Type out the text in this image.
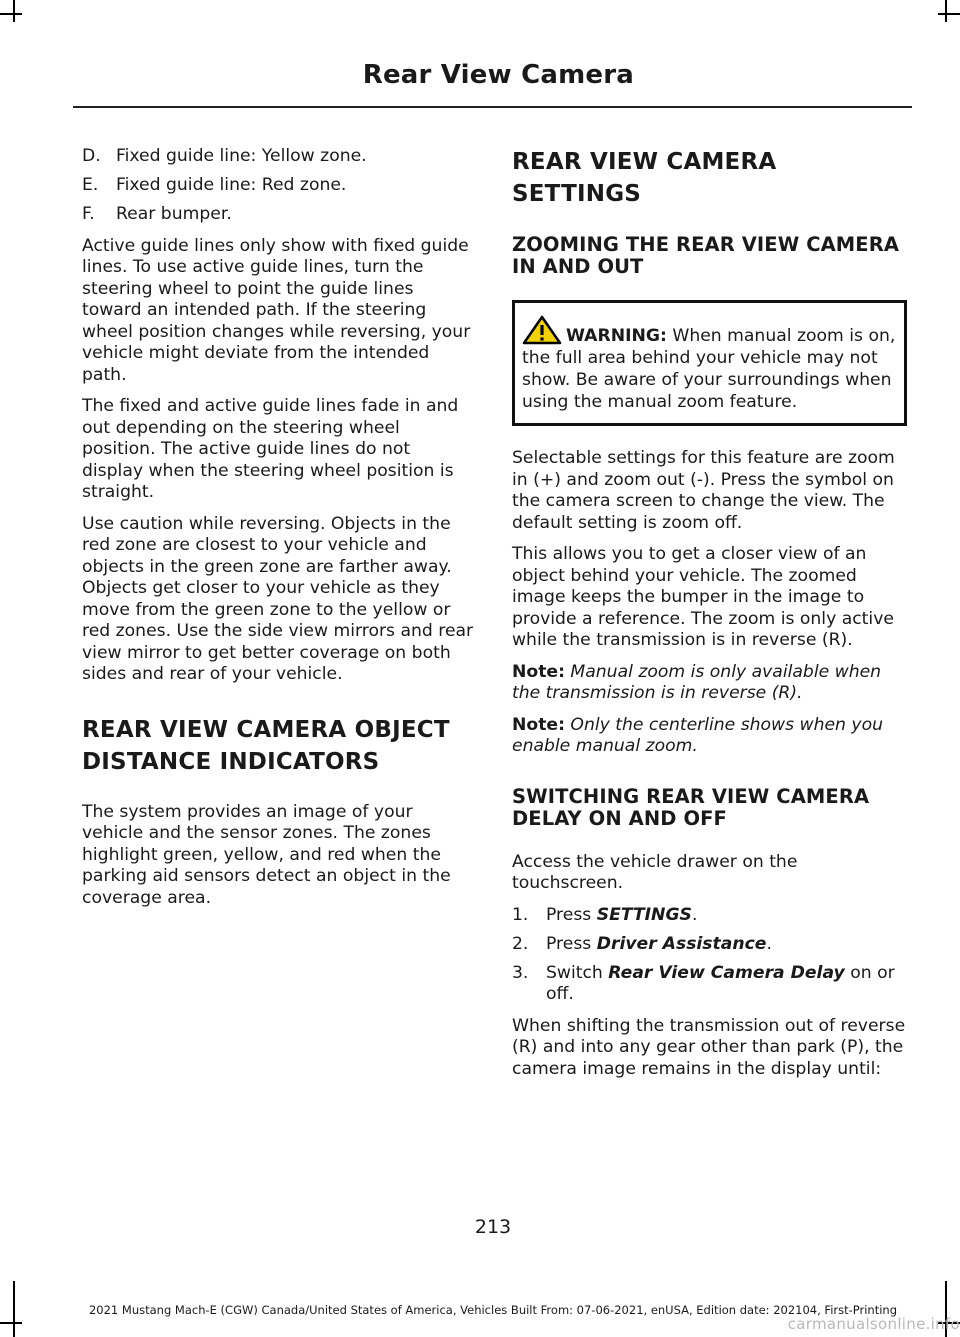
Rear View Camera
D. Fixed guide line: Yellow zone.
E.	Fixed guide line: Red zone.
F.	Rear bumper.

Active guide lines only show with fixed guide lines. To use active guide lines, turn the steering wheel to point the guide lines toward an intended path. If the steering wheel position changes while reversing, your vehicle might deviate from the intended path.

The fixed and active guide lines fade in and out depending on the steering wheel position. The active guide lines do not display when the steering wheel position is straight.

Use caution while reversing. Objects in the red zone are closest to your vehicle and objects in the green zone are farther away. Objects get closer to your vehicle as they move from the green zone to the yellow or red zones. Use the side view mirrors and rear view mirror to get better coverage on both sides and rear of your vehicle.

REAR VIEW CAMERA OBJECT
DISTANCE INDICATORS

The system provides an image of your vehicle and the sensor zones. The zones highlight green, yellow, and red when the parking aid sensors detect an object in the coverage area.

REAR VIEW CAMERA
SETTINGS
ZOOMING THE REAR VIEW CAMERA IN AND OUT
WARNING: When manual zoom is on, the full area behind your vehicle may not show. Be aware of your surroundings when using the manual zoom feature.

Selectable settings for this feature are zoom in (+) and zoom out (-). Press the symbol on the camera screen to change the view. The default setting is zoom off.

This allows you to get a closer view of an object behind your vehicle. The zoomed image keeps the bumper in the image to provide a reference. The zoom is only active while the transmission is in reverse (R).

Note: Manual zoom is only available when the transmission is in reverse (R).

Note: Only the centerline shows when you enable manual zoom.

SWITCHING REAR VIEW CAMERA DELAY ON AND OFF

Access the vehicle drawer on the touchscreen.

1.	Press SETTINGS.
2.	Press Driver Assistance.
3.	Switch Rear View Camera Delay on or off.

When shifting the transmission out of reverse (R) and into any gear other than park (P), the camera image remains in the display until:

213
2021 Mustang Mach-E (CGW) Canada/United States of America, Vehicles Built From: 07-06-2021, enUSA, Edition date: 202104, First-Printing
carmanualsonline.info
